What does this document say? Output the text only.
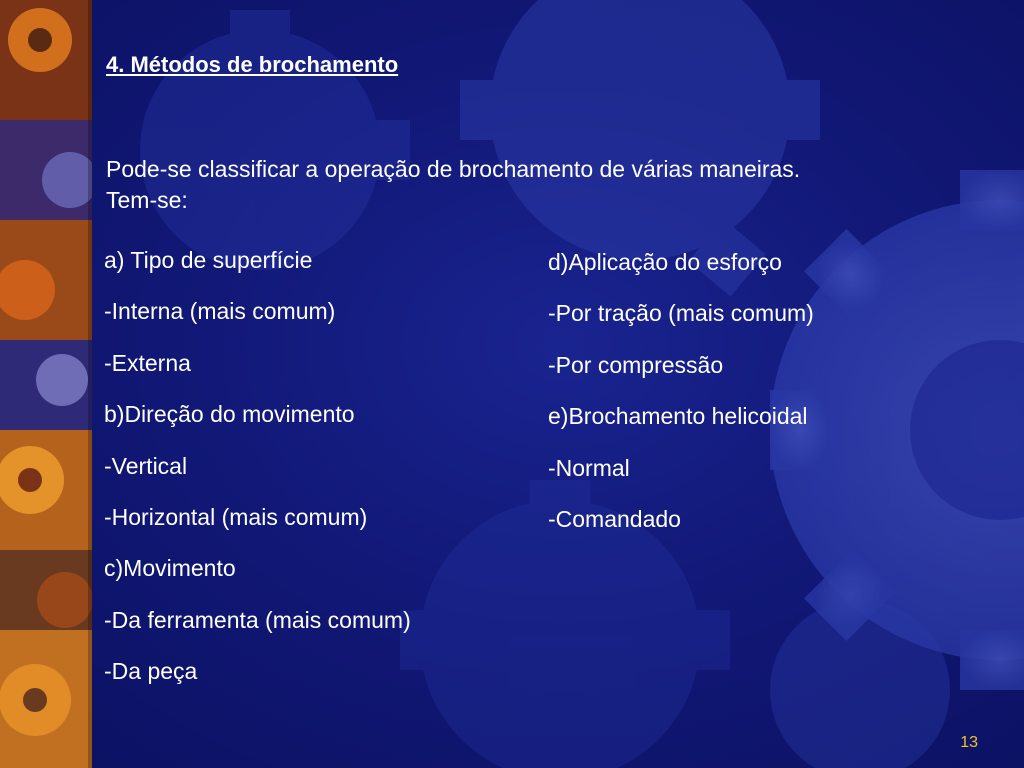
4. Métodos de brochamento
Pode-se classificar a operação de brochamento de várias maneiras.
Tem-se:
a) Tipo de superfície
-Interna (mais comum)
-Externa
b)Direção do movimento
-Vertical
-Horizontal (mais comum)
c)Movimento
-Da ferramenta (mais comum)
-Da peça
d)Aplicação do esforço
-Por tração (mais comum)
-Por compressão
e)Brochamento helicoidal
-Normal
-Comandado
13
